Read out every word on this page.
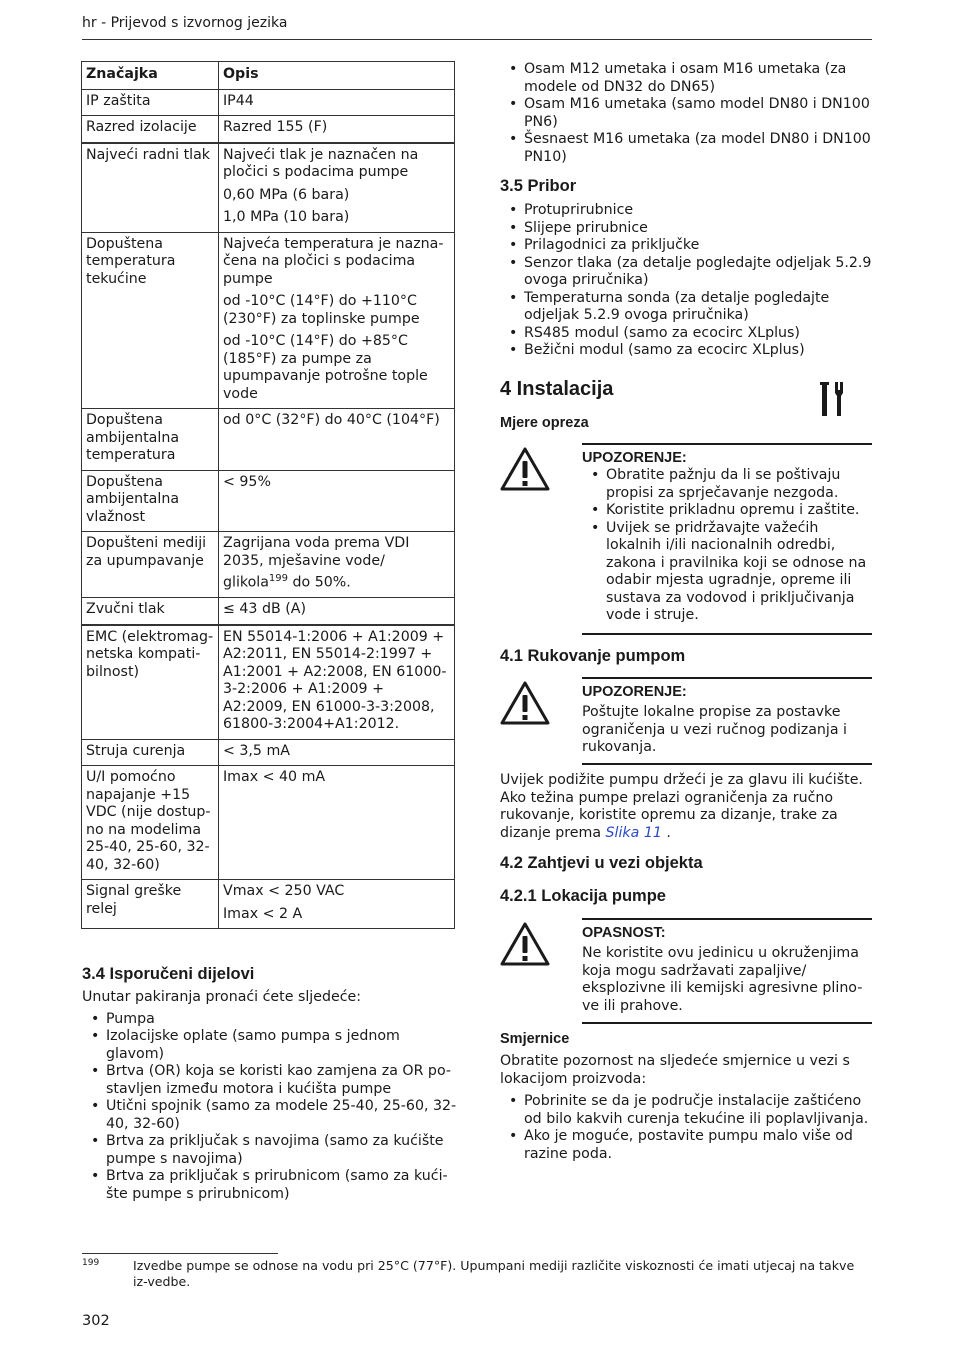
hr - Prijevod s izvornog jezika
Značajka	Opis
IP zaštita	IP44

Razred izolacije	Razred 155 (F)

Najveći radni tlak	Najveći tlak je naznačen na pločici s podacima pumpe

0,60 MPa (6 bara)

1,0 MPa (10 bara)

Dopuštena temperatura tekućine	Najveća temperatura je nazna-čena na pločici s podacima pumpe

od -10°C (14°F) do +110°C (230°F) za toplinske pumpe

od -10°C (14°F) do +85°C (185°F) za pumpe za upumpavanje potrošne tople vode

Dopuštena ambijentalna temperatura	od 0°C (32°F) do 40°C (104°F)

Dopuštena ambijentalna vlažnost	< 95%

Dopušteni mediji za upumpavanje	Zagrijana voda prema VDI 2035, mješavine vode/ glikola$^{199}$ do 50%.

Zvučni tlak	≤ 43 dB (A)

EMC (elektromag-netska kompati-bilnost)	EN 55014-1:2006 + A1:2009 + A2:2011, EN 55014-2:1997 + A1:2001 + A2:2008, EN 61000-3-2:2006 + A1:2009 + A2:2009, EN 61000-3-3:2008, 61800-3:2004+A1:2012.

Struja curenja	< 3,5 mA

U/I pomoćno napajanje +15 VDC (nije dostup-no na modelima 25-40, 25-60, 32-40, 32-60)	Imax < 40 mA

Signal greške relej	Vmax < 250 VAC

Imax < 2 A

3.4 Isporučeni dijelovi
Unutar pakiranja pronaći ćete sljedeće:
• Pumpa
• Izolacijske oplate (samo pumpa s jednom glavom)
• Brtva (OR) koja se koristi kao zamjena za OR po-stavljen između motora i kućišta pumpe
• Utični spojnik (samo za modele 25-40, 25-60, 32-40, 32-60)
• Brtva za priključak s navojima (samo za kućište pumpe s navojima)
• Brtva za priključak s prirubnicom (samo za kući-šte pumpe s prirubnicom)
• Osam M12 umetaka i osam M16 umetaka (za modele od DN32 do DN65)
• Osam M16 umetaka (samo model DN80 i DN100 PN6)
• Šesnaest M16 umetaka (za model DN80 i DN100 PN10)
3.5 Pribor
• Protuprirubnice
• Slijepe prirubnice
• Prilagodnici za priključke
• Senzor tlaka (za detalje pogledajte odjeljak 5.2.9 ovoga priručnika)
• Temperaturna sonda (za detalje pogledajte odjeljak 5.2.9 ovoga priručnika)
• RS485 modul (samo za ecocirc XLplus)
• Bežični modul (samo za ecocirc XLplus)
4 Instalacija
Mjere opreza
UPOZORENJE:
• Obratite pažnju da li se poštivaju propisi za sprječavanje nezgoda.
• Koristite prikladnu opremu i zaštite.
• Uvijek se pridržavajte važećih lokalnih i/ili nacionalnih odredbi, zakona i pravilnika koji se odnose na odabir mjesta ugradnje, opreme ili sustava za vodovod i priključivanja vode i struje.
4.1 Rukovanje pumpom
UPOZORENJE:
Poštujte lokalne propise za postavke ograničenja u vezi ručnog podizanja i rukovanja.
Uvijek podižite pumpu držeći je za glavu ili kućište. Ako težina pumpe prelazi ograničenja za ručno rukovanje, koristite opremu za dizanje, trake za dizanje prema Slika 11 .
4.2 Zahtjevi u vezi objekta
4.2.1 Lokacija pumpe
OPASNOST:
Ne koristite ovu jedinicu u okruženjima koja mogu sadržavati zapaljive/ eksplozivne ili kemijski agresivne plino-ve ili prahove.
Smjernice
Obratite pozornost na sljedeće smjernice u vezi s lokacijom proizvoda:
• Pobrinite se da je područje instalacije zaštićeno od bilo kakvih curenja tekućine ili poplavljivanja.
• Ako je moguće, postavite pumpu malo više od razine poda.
199	Izvedbe pumpe se odnose na vodu pri 25°C (77°F). Upumpani mediji različite viskoznosti će imati utjecaj na takve iz-vedbe.
302
